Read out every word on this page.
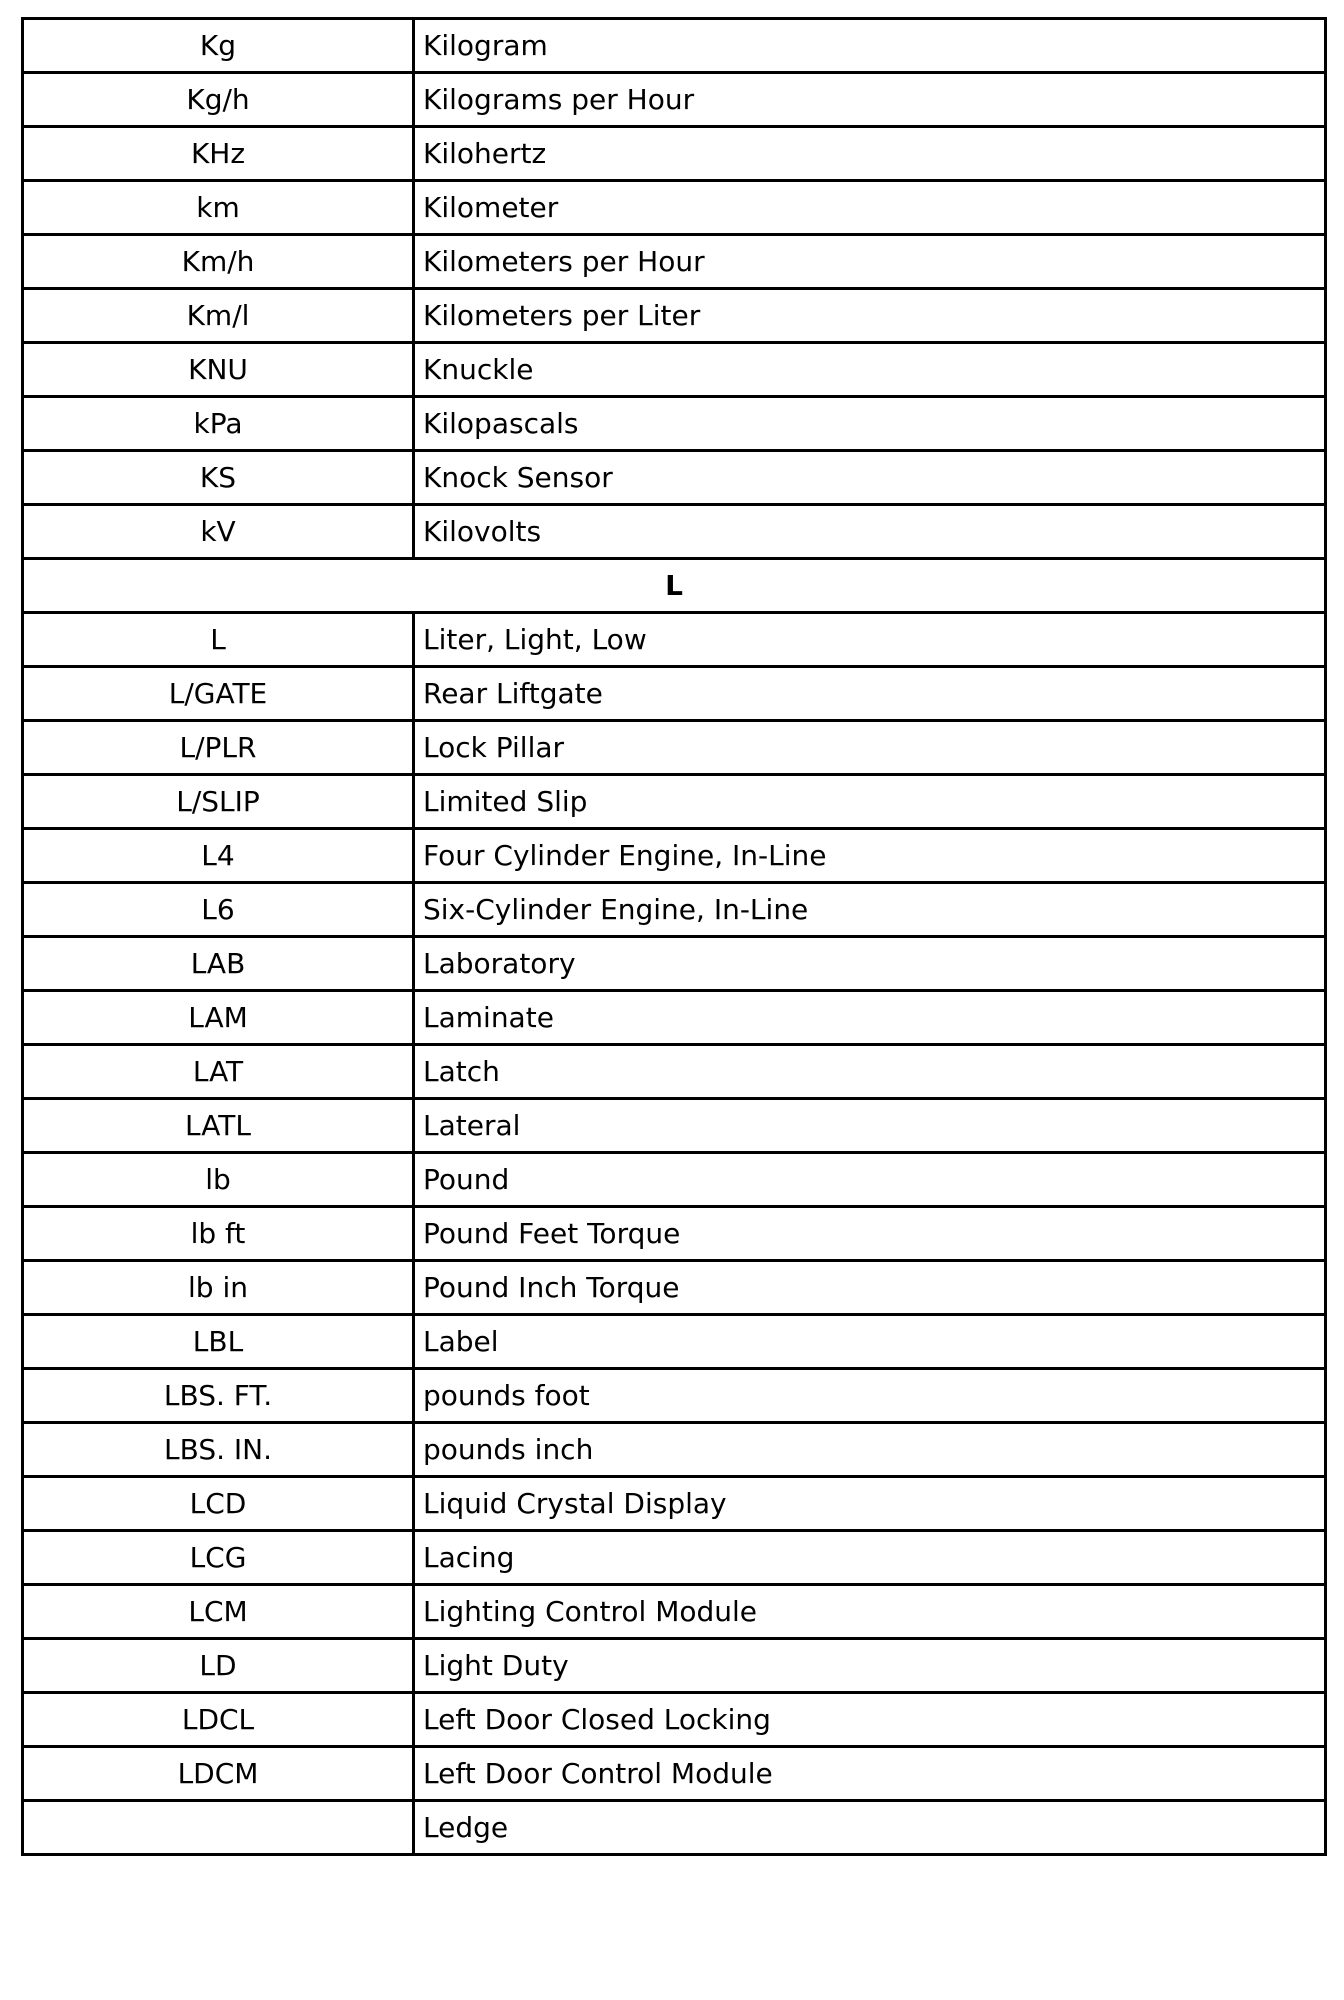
Kg	Kilogram
Kg/h	Kilograms per Hour
KHz	Kilohertz
km	Kilometer
Km/h	Kilometers per Hour
Km/l	Kilometers per Liter
KNU	Knuckle
kPa	Kilopascals
KS	Knock Sensor
kV	Kilovolts
L	
L	Liter, Light, Low
L/GATE	Rear Liftgate
L/PLR	Lock Pillar
L/SLIP	Limited Slip
L4	Four Cylinder Engine, In-Line
L6	Six-Cylinder Engine, In-Line
LAB	Laboratory
LAM	Laminate
LAT	Latch
LATL	Lateral
lb	Pound
lb ft	Pound Feet Torque
lb in	Pound Inch Torque
LBL	Label
LBS. FT.	pounds foot
LBS. IN.	pounds inch
LCD	Liquid Crystal Display
LCG	Lacing
LCM	Lighting Control Module
LD	Light Duty
LDCL	Left Door Closed Locking
LDCM	Left Door Control Module
	Ledge
